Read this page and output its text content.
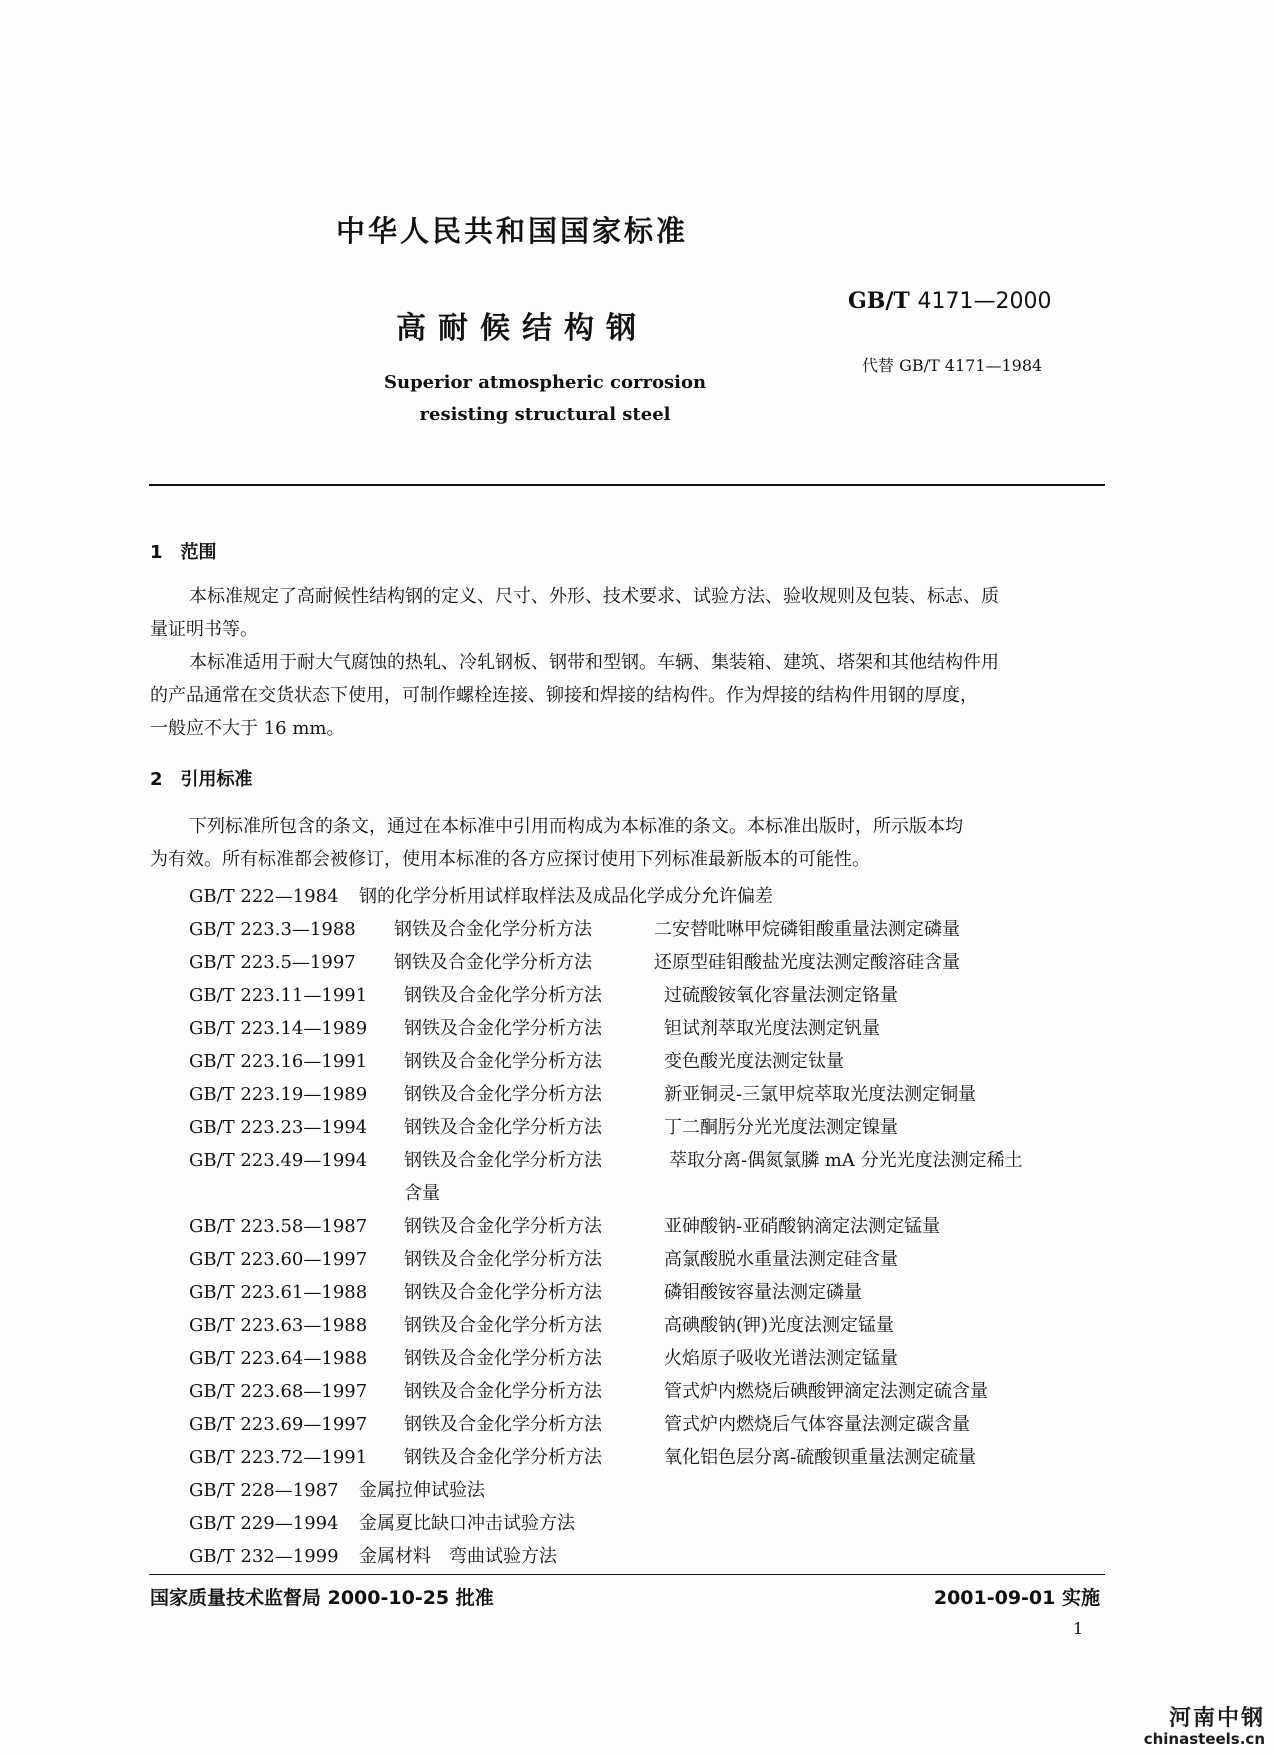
中华人民共和国国家标准
GB/T 4171—2000
高耐候结构钢
代替 GB/T 4171—1984
Superior atmospheric corrosion
resisting structural steel
1　范围
本标准规定了高耐候性结构钢的定义、尺寸、外形、技术要求、试验方法、验收规则及包装、标志、质
量证明书等。
本标准适用于耐大气腐蚀的热轧、冷轧钢板、钢带和型钢。车辆、集装箱、建筑、塔架和其他结构件用
的产品通常在交货状态下使用，可制作螺栓连接、铆接和焊接的结构件。作为焊接的结构件用钢的厚度，
一般应不大于 16 mm。
2　引用标准
下列标准所包含的条文，通过在本标准中引用而构成为本标准的条文。本标准出版时，所示版本均
为有效。所有标准都会被修订，使用本标准的各方应探讨使用下列标准最新版本的可能性。
GB/T 222—1984 钢的化学分析用试样取样法及成品化学成分允许偏差
GB/T 223.3—1988 钢铁及合金化学分析方法	二安替吡啉甲烷磷钼酸重量法测定磷量
GB/T 223.5—1997 钢铁及合金化学分析方法	还原型硅钼酸盐光度法测定酸溶硅含量
GB/T 223.11—1991 钢铁及合金化学分析方法	过硫酸铵氧化容量法测定铬量
GB/T 223.14—1989 钢铁及合金化学分析方法	钽试剂萃取光度法测定钒量
GB/T 223.16—1991 钢铁及合金化学分析方法	变色酸光度法测定钛量
GB/T 223.19—1989 钢铁及合金化学分析方法	新亚铜灵-三氯甲烷萃取光度法测定铜量
GB/T 223.23—1994 钢铁及合金化学分析方法	丁二酮肟分光光度法测定镍量
GB/T 223.49—1994 钢铁及合金化学分析方法	萃取分离-偶氮氯膦 mA 分光光度法测定稀土
含量
GB/T 223.58—1987 钢铁及合金化学分析方法	亚砷酸钠-亚硝酸钠滴定法测定锰量
GB/T 223.60—1997 钢铁及合金化学分析方法	高氯酸脱水重量法测定硅含量
GB/T 223.61—1988 钢铁及合金化学分析方法	磷钼酸铵容量法测定磷量
GB/T 223.63—1988 钢铁及合金化学分析方法	高碘酸钠(钾)光度法测定锰量
GB/T 223.64—1988 钢铁及合金化学分析方法	火焰原子吸收光谱法测定锰量
GB/T 223.68—1997 钢铁及合金化学分析方法	管式炉内燃烧后碘酸钾滴定法测定硫含量
GB/T 223.69—1997 钢铁及合金化学分析方法	管式炉内燃烧后气体容量法测定碳含量
GB/T 223.72—1991 钢铁及合金化学分析方法	氧化铝色层分离-硫酸钡重量法测定硫量
GB/T 228—1987 金属拉伸试验法
GB/T 229—1994 金属夏比缺口冲击试验方法
GB/T 232—1999 金属材料　弯曲试验方法
国家质量技术监督局 2000-10-25 批准	2001-09-01 实施
1
河南中钢
chinasteels.cn
